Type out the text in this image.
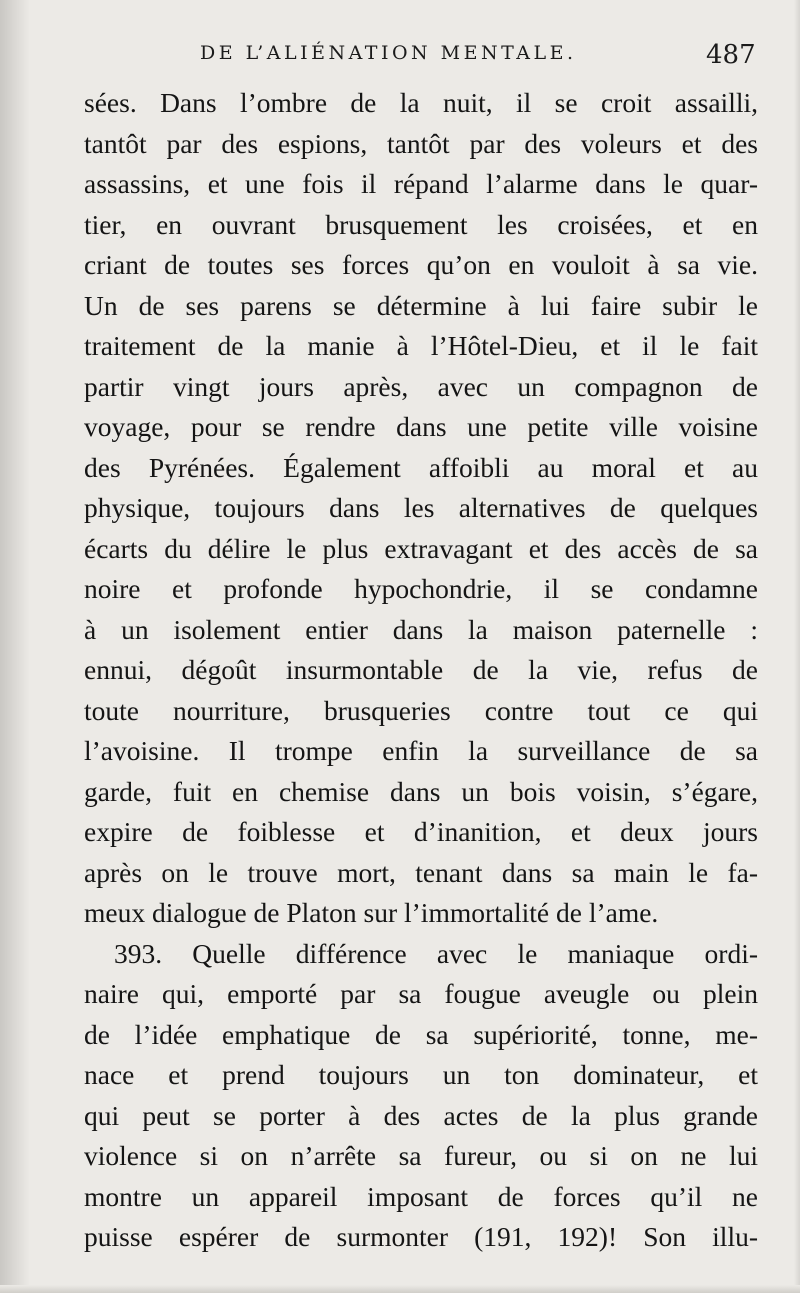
DE L’ALIÉNATION MENTALE.	487
sées. Dans l’ombre de la nuit, il se croit assailli,
tantôt par des espions, tantôt par des voleurs et des
assassins, et une fois il répand l’alarme dans le quar-
tier, en ouvrant brusquement les croisées, et en
criant de toutes ses forces qu’on en vouloit à sa vie.
Un de ses parens se détermine à lui faire subir le
traitement de la manie à l’Hôtel-Dieu, et il le fait
partir vingt jours après, avec un compagnon de
voyage, pour se rendre dans une petite ville voisine
des Pyrénées. Également affoibli au moral et au
physique, toujours dans les alternatives de quelques
écarts du délire le plus extravagant et des accès de sa
noire et profonde hypochondrie, il se condamne
à un isolement entier dans la maison paternelle :
ennui, dégoût insurmontable de la vie, refus de
toute nourriture, brusqueries contre tout ce qui
l’avoisine. Il trompe enfin la surveillance de sa
garde, fuit en chemise dans un bois voisin, s’égare,
expire de foiblesse et d’inanition, et deux jours
après on le trouve mort, tenant dans sa main le fa-
meux dialogue de Platon sur l’immortalité de l’ame.
393. Quelle différence avec le maniaque ordi-
naire qui, emporté par sa fougue aveugle ou plein
de l’idée emphatique de sa supériorité, tonne, me-
nace et prend toujours un ton dominateur, et
qui peut se porter à des actes de la plus grande
violence si on n’arrête sa fureur, ou si on ne lui
montre un appareil imposant de forces qu’il ne
puisse espérer de surmonter (191, 192)! Son illu-
